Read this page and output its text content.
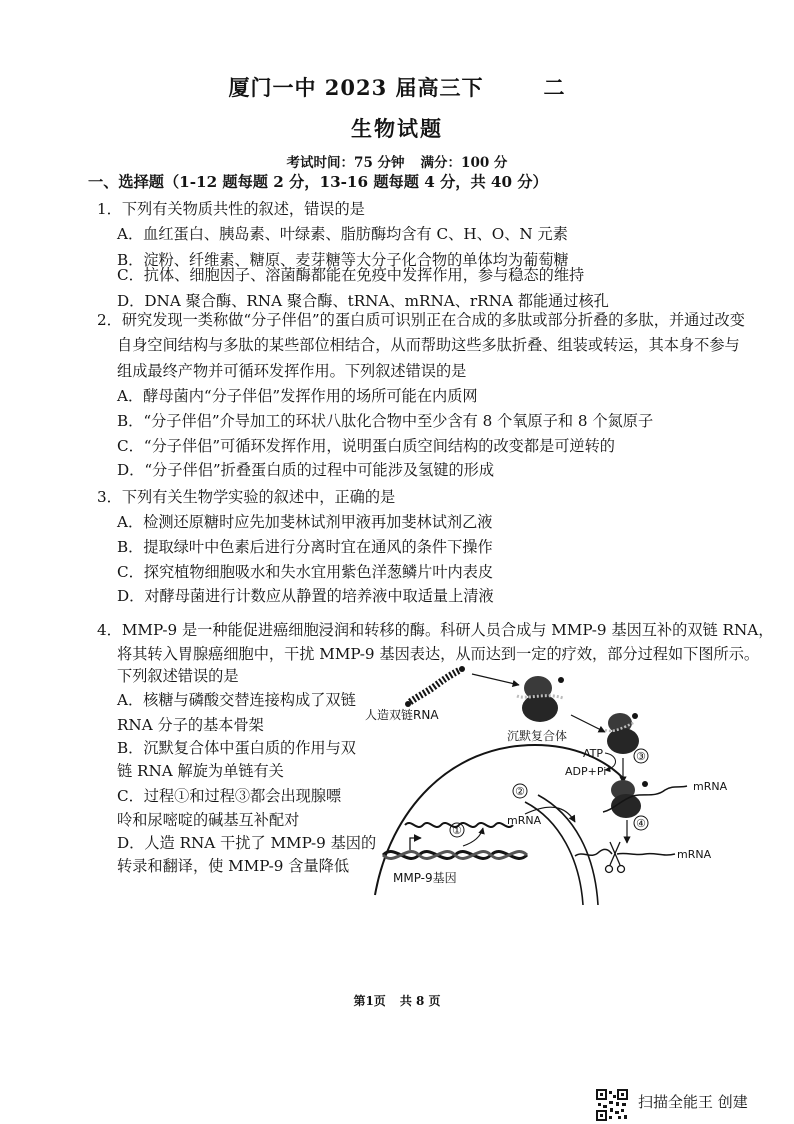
厦门一中 2023 届高三下	二
生物试题
考试时间：75 分钟 满分：100 分
一、选择题（1-12 题每题 2 分，13-16 题每题 4 分，共 40 分）
1．下列有关物质共性的叙述，错误的是
A．血红蛋白、胰岛素、叶绿素、脂肪酶均含有 C、H、O、N 元素
B．淀粉、纤维素、糖原、麦芽糖等大分子化合物的单体均为葡萄糖
C．抗体、细胞因子、溶菌酶都能在免疫中发挥作用，参与稳态的维持
D．DNA 聚合酶、RNA 聚合酶、tRNA、mRNA、rRNA 都能通过核孔
2．研究发现一类称做“分子伴侣”的蛋白质可识别正在合成的多肽或部分折叠的多肽，并通过改变
自身空间结构与多肽的某些部位相结合，从而帮助这些多肽折叠、组装或转运，其本身不参与
组成最终产物并可循环发挥作用。下列叙述错误的是
A．酵母菌内“分子伴侣”发挥作用的场所可能在内质网
B．“分子伴侣”介导加工的环状八肽化合物中至少含有 8 个氧原子和 8 个氮原子
C．“分子伴侣”可循环发挥作用，说明蛋白质空间结构的改变都是可逆转的
D．“分子伴侣”折叠蛋白质的过程中可能涉及氢键的形成
3．下列有关生物学实验的叙述中，正确的是
A．检测还原糖时应先加斐林试剂甲液再加斐林试剂乙液
B．提取绿叶中色素后进行分离时宜在通风的条件下操作
C．探究植物细胞吸水和失水宜用紫色洋葱鳞片叶内表皮
D．对酵母菌进行计数应从静置的培养液中取适量上清液
4．MMP-9 是一种能促进癌细胞浸润和转移的酶。科研人员合成与 MMP-9 基因互补的双链 RNA，
将其转入胃腺癌细胞中，干扰 MMP-9 基因表达，从而达到一定的疗效，部分过程如下图所示。
下列叙述错误的是
A．核糖与磷酸交替连接构成了双链
RNA 分子的基本骨架
B．沉默复合体中蛋白质的作用与双
链 RNA 解旋为单链有关
C．过程①和过程③都会出现腺嘌
呤和尿嘧啶的碱基互补配对
D．人造 RNA 干扰了 MMP-9 基因的
转录和翻译，使 MMP-9 含量降低
人造双链RNA
沉默复合体
ATP
ADP+Pi
③
mRNA
④
mRNA
mRNA
②
①
MMP-9基因
第1页 共 8 页
扫描全能王 创建
